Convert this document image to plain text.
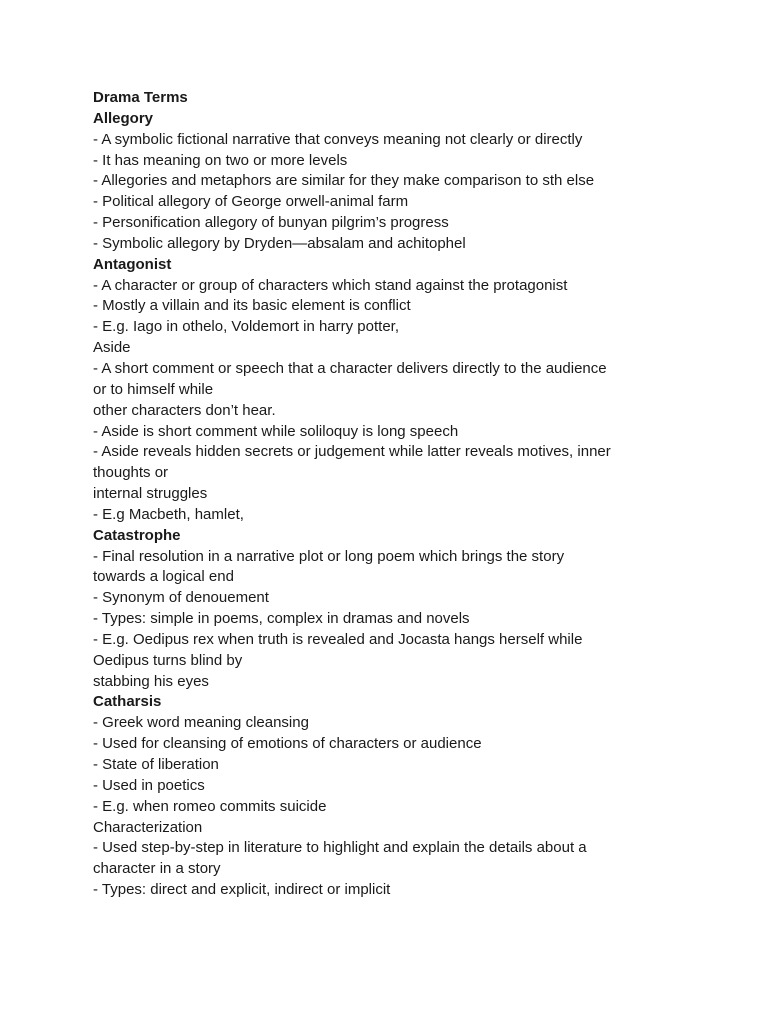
Drama Terms
Allegory
- A symbolic fictional narrative that conveys meaning not clearly or directly
- It has meaning on two or more levels
- Allegories and metaphors are similar for they make comparison to sth else
- Political allegory of George orwell-animal farm
- Personification allegory of bunyan pilgrim’s progress
- Symbolic allegory by Dryden—absalam and achitophel
Antagonist
- A character or group of characters which stand against the protagonist
- Mostly a villain and its basic element is conflict
- E.g. Iago in othelo, Voldemort in harry potter,
Aside
- A short comment or speech that a character delivers directly to the audience
or to himself while
other characters don’t hear.
- Aside is short comment while soliloquy is long speech
- Aside reveals hidden secrets or judgement while latter reveals motives, inner
thoughts or
internal struggles
- E.g Macbeth, hamlet,
Catastrophe
- Final resolution in a narrative plot or long poem which brings the story
towards a logical end
- Synonym of denouement
- Types: simple in poems, complex in dramas and novels
- E.g. Oedipus rex when truth is revealed and Jocasta hangs herself while
Oedipus turns blind by
stabbing his eyes
Catharsis
- Greek word meaning cleansing
- Used for cleansing of emotions of characters or audience
- State of liberation
- Used in poetics
- E.g. when romeo commits suicide
Characterization
- Used step-by-step in literature to highlight and explain the details about a
character in a story
- Types: direct and explicit, indirect or implicit
